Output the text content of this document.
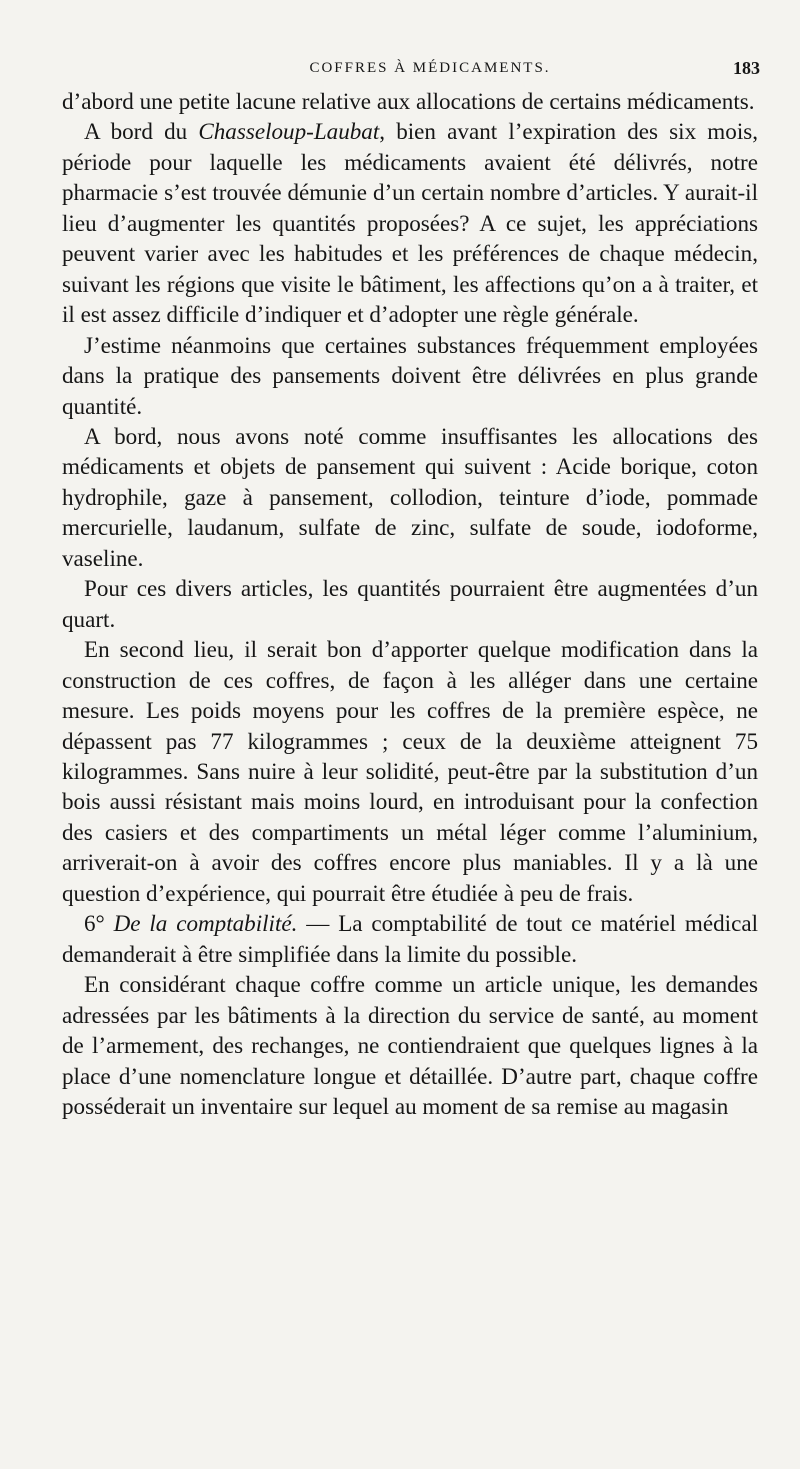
COFFRES À MÉDICAMENTS.	183

d’abord une petite lacune relative aux allocations de certains médicaments.

A bord du Chasseloup-Laubat, bien avant l’expiration des six mois, période pour laquelle les médicaments avaient été délivrés, notre pharmacie s’est trouvée démunie d’un certain nombre d’articles. Y aurait-il lieu d’augmenter les quantités proposées? A ce sujet, les appréciations peuvent varier avec les habitudes et les préférences de chaque médecin, suivant les régions que visite le bâtiment, les affections qu’on a à traiter, et il est assez difficile d’indiquer et d’adopter une règle générale.

J’estime néanmoins que certaines substances fréquemment employées dans la pratique des pansements doivent être délivrées en plus grande quantité.

A bord, nous avons noté comme insuffisantes les allocations des médicaments et objets de pansement qui suivent : Acide borique, coton hydrophile, gaze à pansement, collodion, teinture d’iode, pommade mercurielle, laudanum, sulfate de zinc, sulfate de soude, iodoforme, vaseline.

Pour ces divers articles, les quantités pourraient être augmentées d’un quart.

En second lieu, il serait bon d’apporter quelque modification dans la construction de ces coffres, de façon à les alléger dans une certaine mesure. Les poids moyens pour les coffres de la première espèce, ne dépassent pas 77 kilogrammes ; ceux de la deuxième atteignent 75 kilogrammes. Sans nuire à leur solidité, peut-être par la substitution d’un bois aussi résistant mais moins lourd, en introduisant pour la confection des casiers et des compartiments un métal léger comme l’aluminium, arriverait-on à avoir des coffres encore plus maniables. Il y a là une question d’expérience, qui pourrait être étudiée à peu de frais.

6° De la comptabilité. — La comptabilité de tout ce matériel médical demanderait à être simplifiée dans la limite du possible.

En considérant chaque coffre comme un article unique, les demandes adressées par les bâtiments à la direction du service de santé, au moment de l’armement, des rechanges, ne contiendraient que quelques lignes à la place d’une nomenclature longue et détaillée. D’autre part, chaque coffre posséderait un inventaire sur lequel au moment de sa remise au magasin
